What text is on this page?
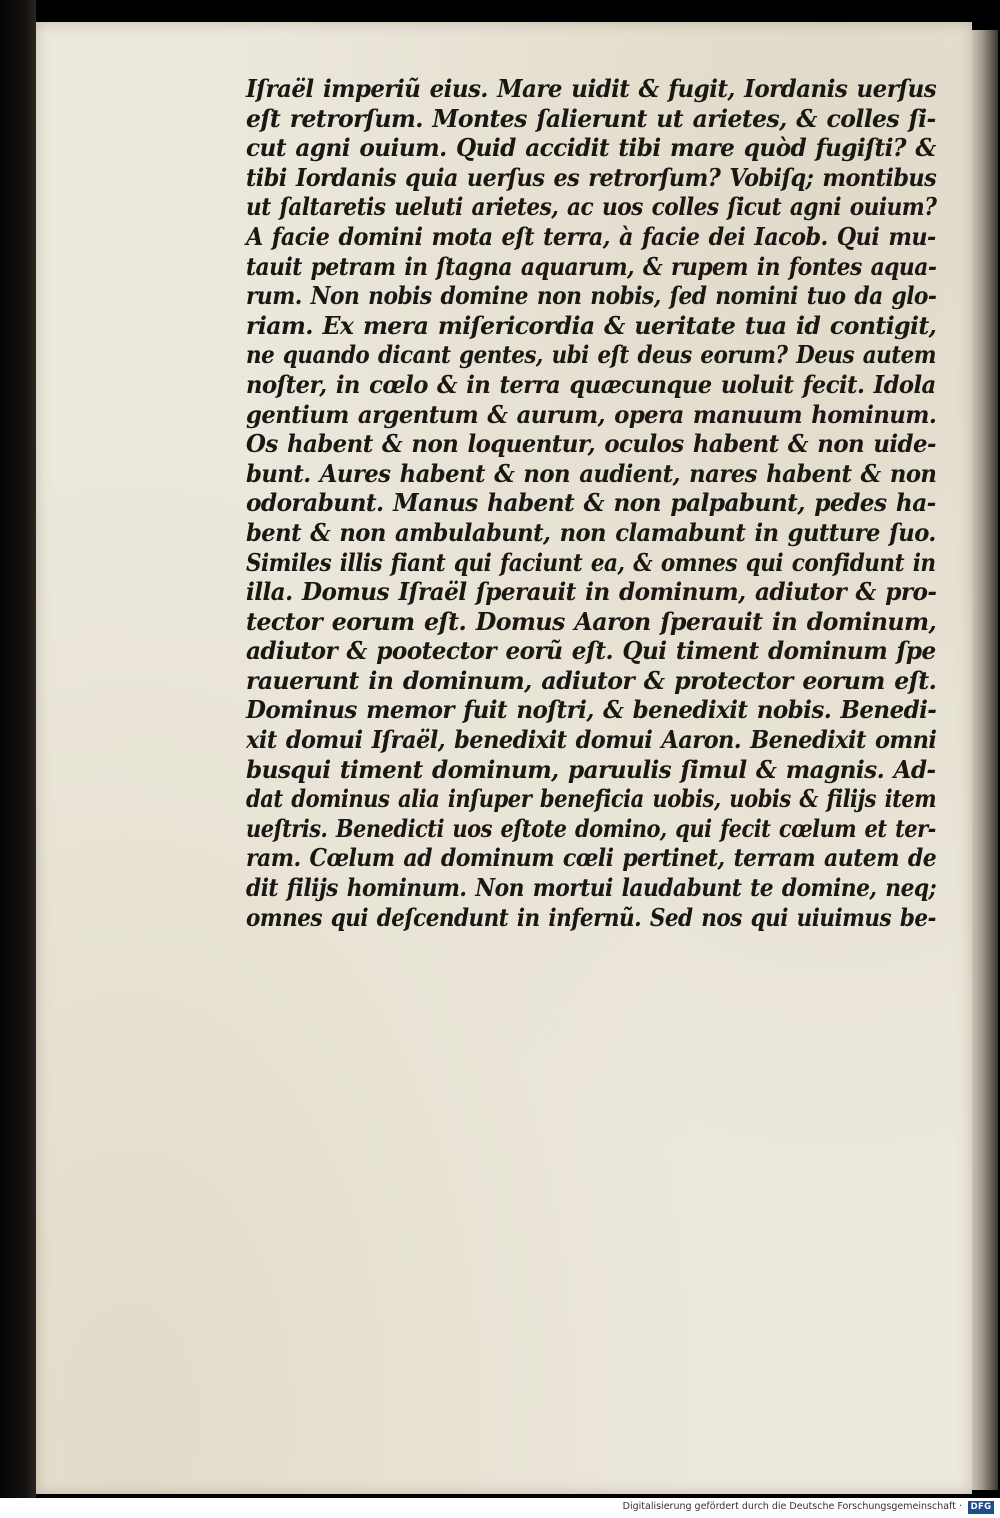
Iſraël imperiũ eius. Mare uidit & fugit, Iordanis uerſus
eſt retrorſum. Montes ſalierunt ut arietes, & colles ſi-
cut agni ouium. Quid accidit tibi mare quòd fugiſti? &
tibi Iordanis quia uerſus es retrorſum? Vobiſq; montibus
ut ſaltaretis ueluti arietes, ac uos colles ſicut agni ouium?
A facie domini mota eſt terra, à facie dei Iacob. Qui mu-
tauit petram in ſtagna aquarum, & rupem in fontes aqua-
rum. Non nobis domine non nobis, ſed nomini tuo da glo-
riam. Ex mera miſericordia & ueritate tua id contigit,
ne quando dicant gentes, ubi eſt deus eorum? Deus autem
noſter, in cœlo & in terra quæcunque uoluit fecit. Idola
gentium argentum & aurum, opera manuum hominum.
Os habent & non loquentur, oculos habent & non uide-
bunt. Aures habent & non audient, nares habent & non
odorabunt. Manus habent & non palpabunt, pedes ha-
bent & non ambulabunt, non clamabunt in gutture ſuo.
Similes illis fiant qui faciunt ea, & omnes qui confidunt in
illa. Domus Iſraël ſperauit in dominum, adiutor & pro-
tector eorum eſt. Domus Aaron ſperauit in dominum,
adiutor & pootector eorũ eſt. Qui timent dominum ſpe
rauerunt in dominum, adiutor & protector eorum eſt.
Dominus memor fuit noſtri, & benedixit nobis. Benedi-
xit domui Iſraël, benedixit domui Aaron. Benedixit omni
busqui timent dominum, paruulis ſimul & magnis. Ad-
dat dominus alia inſuper beneficia uobis, uobis & filijs item
ueſtris. Benedicti uos eſtote domino, qui fecit cœlum et ter-
ram. Cœlum ad dominum cœli pertinet, terram autem de
dit filijs hominum. Non mortui laudabunt te domine, neq;
omnes qui deſcendunt in infernũ. Sed nos qui uiuimus be-
Digitalisierung gefördert durch die Deutsche Forschungsgemeinschaft ·	DFG
